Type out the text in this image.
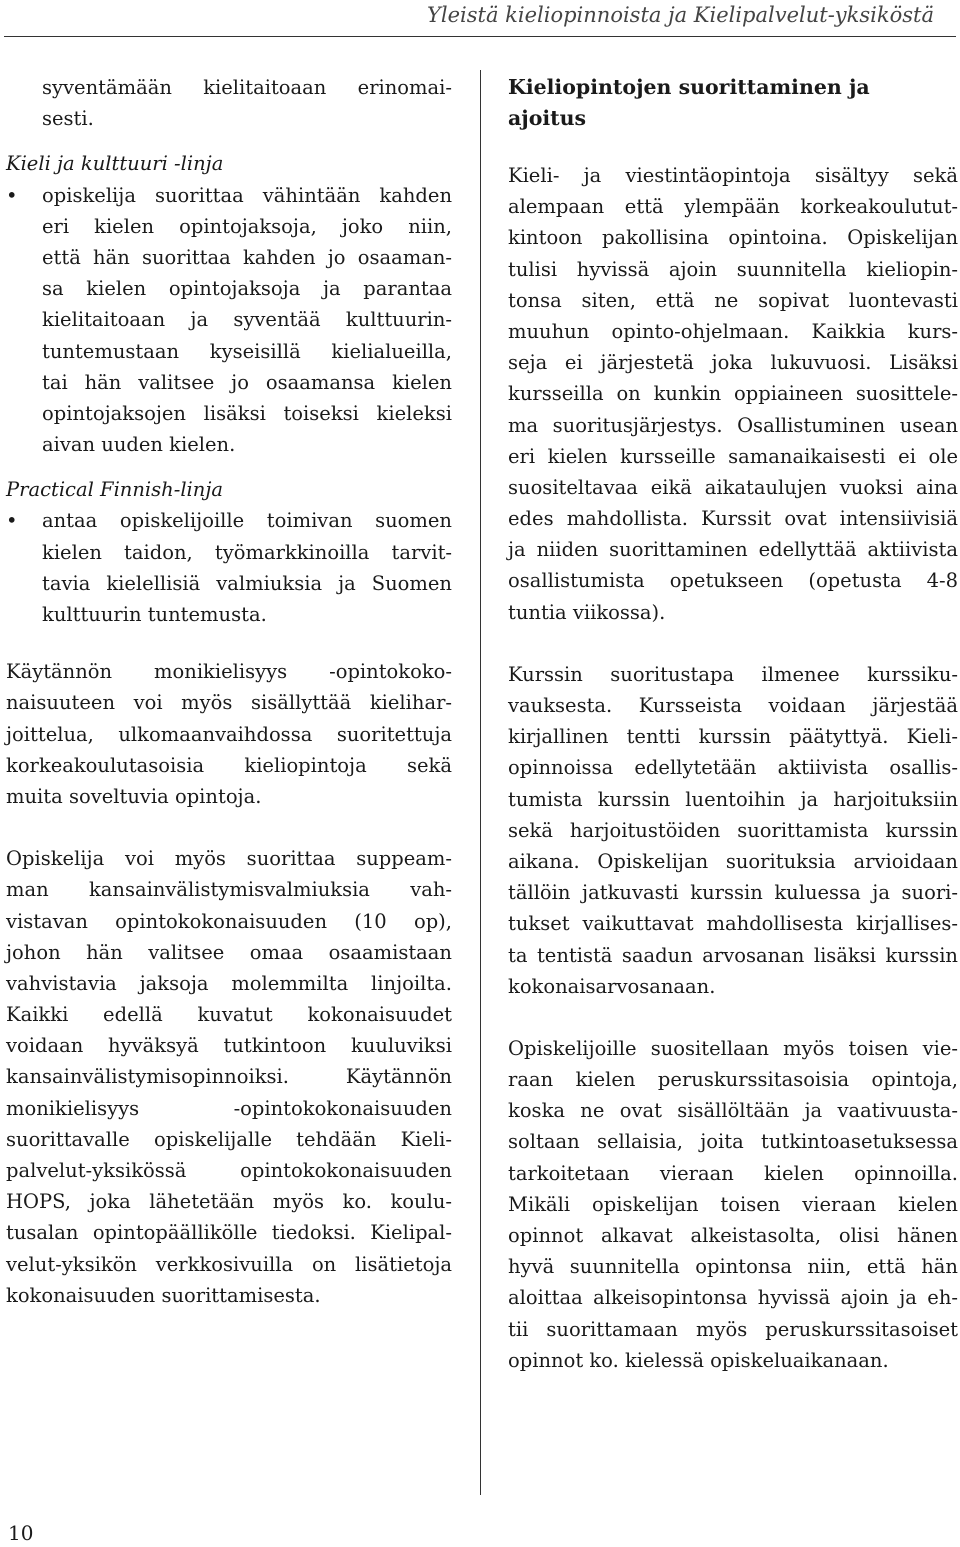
Yleistä kieliopinnoista ja Kielipalvelut-yksiköstä
syventämään kielitaitoaan erinomai-
sesti.
Kieli ja kulttuuri -linja
• opiskelija suorittaa vähintään kahden
eri kielen opintojaksoja, joko niin,
että hän suorittaa kahden jo osaaman-
sa kielen opintojaksoja ja parantaa
kielitaitoaan ja syventää kulttuurin-
tuntemustaan kyseisillä kielialueilla,
tai hän valitsee jo osaamansa kielen
opintojaksojen lisäksi toiseksi kieleksi
aivan uuden kielen.
Practical Finnish-linja
• antaa opiskelijoille toimivan suomen
kielen taidon, työmarkkinoilla tarvit-
tavia kielellisiä valmiuksia ja Suomen
kulttuurin tuntemusta.
Käytännön monikielisyys -opintokoko-
naisuuteen voi myös sisällyttää kielihar-
joittelua, ulkomaanvaihdossa suoritettuja
korkeakoulutasoisia kieliopintoja sekä
muita soveltuvia opintoja.
Opiskelija voi myös suorittaa suppeam-
man kansainvälistymisvalmiuksia vah-
vistavan opintokokonaisuuden (10 op),
johon hän valitsee omaa osaamistaan
vahvistavia jaksoja molemmilta linjoilta.
Kaikki edellä kuvatut kokonaisuudet
voidaan hyväksyä tutkintoon kuuluviksi
kansainvälistymisopinnoiksi. Käytännön
monikielisyys -opintokokonaisuuden
suorittavalle opiskelijalle tehdään Kieli-
palvelut-yksikössä opintokokonaisuuden
HOPS, joka lähetetään myös ko. koulu-
tusalan opintopäällikölle tiedoksi. Kielipal-
velut-yksikön verkkosivuilla on lisätietoja
kokonaisuuden suorittamisesta.
Kieliopintojen suorittaminen ja
ajoitus
Kieli- ja viestintäopintoja sisältyy sekä
alempaan että ylempään korkeakoulutut-
kintoon pakollisina opintoina. Opiskelijan
tulisi hyvissä ajoin suunnitella kieliopin-
tonsa siten, että ne sopivat luontevasti
muuhun opinto-ohjelmaan. Kaikkia kurs-
seja ei järjestetä joka lukuvuosi. Lisäksi
kursseilla on kunkin oppiaineen suosittele-
ma suoritusjärjestys. Osallistuminen usean
eri kielen kursseille samanaikaisesti ei ole
suositeltavaa eikä aikataulujen vuoksi aina
edes mahdollista. Kurssit ovat intensiivisiä
ja niiden suorittaminen edellyttää aktiivista
osallistumista opetukseen (opetusta 4-8
tuntia viikossa).
Kurssin suoritustapa ilmenee kurssiku-
vauksesta. Kursseista voidaan järjestää
kirjallinen tentti kurssin päätyttyä. Kieli-
opinnoissa edellytetään aktiivista osallis-
tumista kurssin luentoihin ja harjoituksiin
sekä harjoitustöiden suorittamista kurssin
aikana. Opiskelijan suorituksia arvioidaan
tällöin jatkuvasti kurssin kuluessa ja suori-
tukset vaikuttavat mahdollisesta kirjallises-
ta tentistä saadun arvosanan lisäksi kurssin
kokonaisarvosanaan.
Opiskelijoille suositellaan myös toisen vie-
raan kielen peruskurssitasoisia opintoja,
koska ne ovat sisällöltään ja vaativuusta-
soltaan sellaisia, joita tutkintoasetuksessa
tarkoitetaan vieraan kielen opinnoilla.
Mikäli opiskelijan toisen vieraan kielen
opinnot alkavat alkeistasolta, olisi hänen
hyvä suunnitella opintonsa niin, että hän
aloittaa alkeisopintonsa hyvissä ajoin ja eh-
tii suorittamaan myös peruskurssitasoiset
opinnot ko. kielessä opiskeluaikanaan.
10
